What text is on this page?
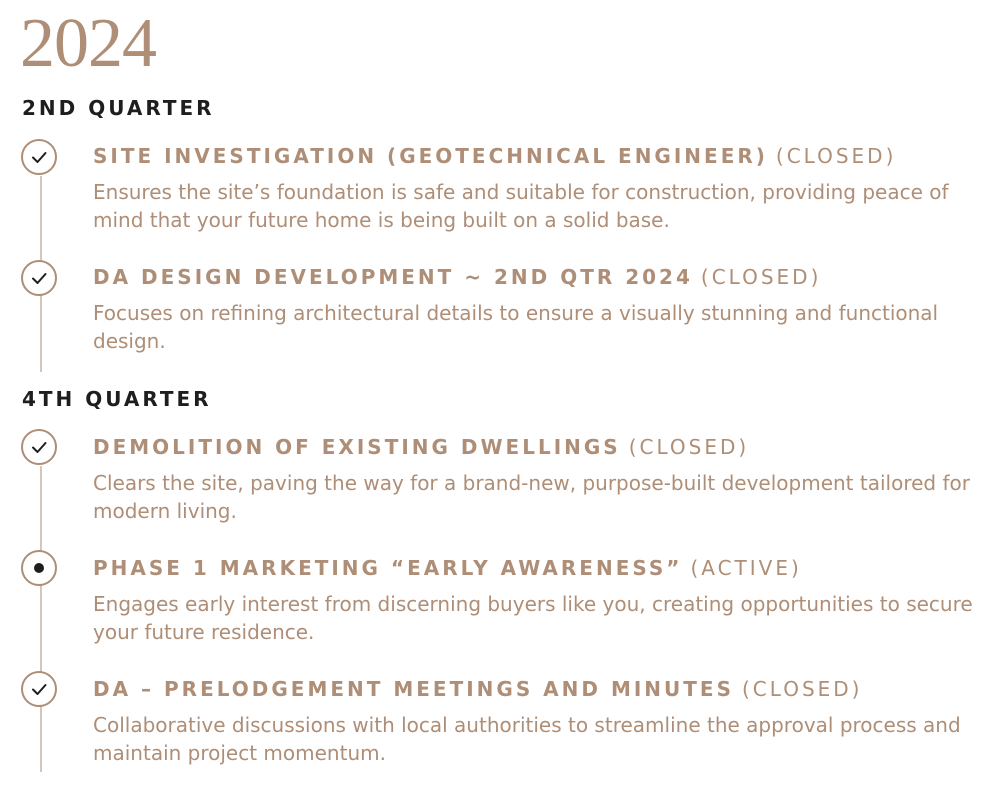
2024
2ND QUARTER

SITE INVESTIGATION (GEOTECHNICAL ENGINEER) (CLOSED)

Ensures the site’s foundation is safe and suitable for construction, providing peace of mind that your future home is being built on a solid base.

DA DESIGN DEVELOPMENT ~ 2ND QTR 2024 (CLOSED)

Focuses on refining architectural details to ensure a visually stunning and functional design.

4TH QUARTER

DEMOLITION OF EXISTING DWELLINGS (CLOSED)

Clears the site, paving the way for a brand-new, purpose-built development tailored for modern living.

PHASE 1 MARKETING “EARLY AWARENESS” (ACTIVE)

Engages early interest from discerning buyers like you, creating opportunities to secure your future residence.

DA – PRELODGEMENT MEETINGS AND MINUTES (CLOSED)

Collaborative discussions with local authorities to streamline the approval process and maintain project momentum.
